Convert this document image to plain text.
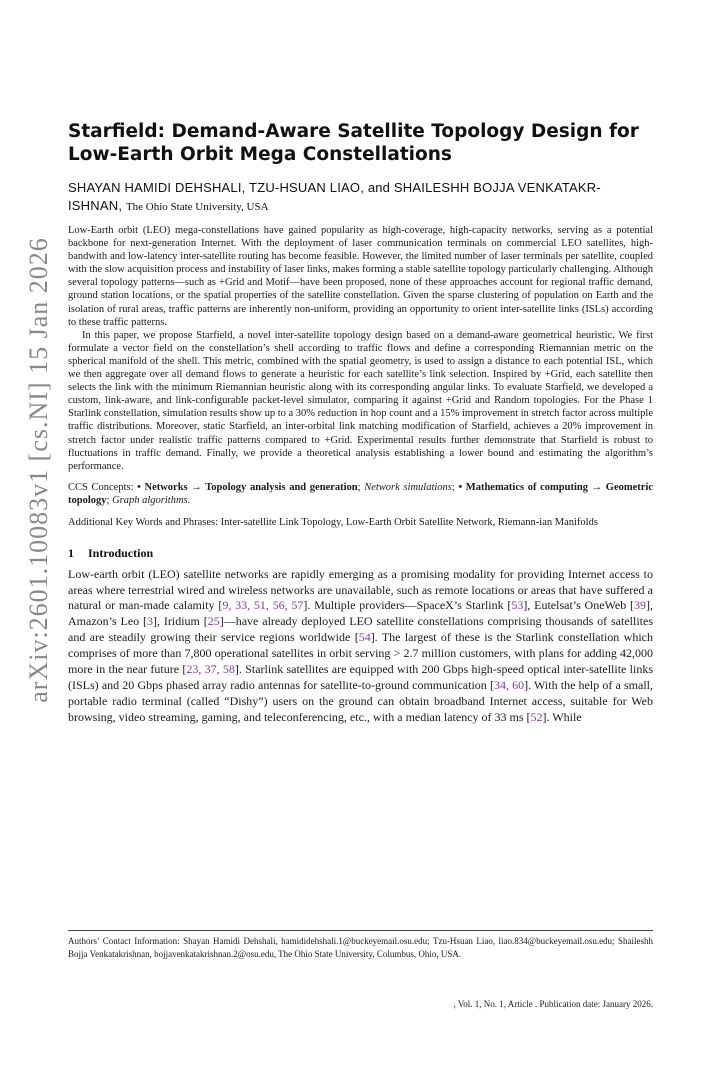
arXiv:2601.10083v1 [cs.NI] 15 Jan 2026
Starfield: Demand-Aware Satellite Topology Design for Low-Earth Orbit Mega Constellations

SHAYAN HAMIDI DEHSHALI, TZU-HSUAN LIAO, and SHAILESHH BOJJA VENKATAKR-ISHNAN, The Ohio State University, USA

Low-Earth orbit (LEO) mega-constellations have gained popularity as high-coverage, high-capacity networks, serving as a potential backbone for next-generation Internet. With the deployment of laser communication terminals on commercial LEO satellites, high-bandwith and low-latency inter-satellite routing has become feasible. However, the limited number of laser terminals per satellite, coupled with the slow acquisition process and instability of laser links, makes forming a stable satellite topology particularly challenging. Although several topology patterns—such as +Grid and Motif—have been proposed, none of these approaches account for regional traffic demand, ground station locations, or the spatial properties of the satellite constellation. Given the sparse clustering of population on Earth and the isolation of rural areas, traffic patterns are inherently non-uniform, providing an opportunity to orient inter-satellite links (ISLs) according to these traffic patterns.

In this paper, we propose Starfield, a novel inter-satellite topology design based on a demand-aware geometrical heuristic. We first formulate a vector field on the constellation’s shell according to traffic flows and define a corresponding Riemannian metric on the spherical manifold of the shell. This metric, combined with the spatial geometry, is used to assign a distance to each potential ISL, which we then aggregate over all demand flows to generate a heuristic for each satellite’s link selection. Inspired by +Grid, each satellite then selects the link with the minimum Riemannian heuristic along with its corresponding angular links. To evaluate Starfield, we developed a custom, link-aware, and link-configurable packet-level simulator, comparing it against +Grid and Random topologies. For the Phase 1 Starlink constellation, simulation results show up to a 30% reduction in hop count and a 15% improvement in stretch factor across multiple traffic distributions. Moreover, static Starfield, an inter-orbital link matching modification of Starfield, achieves a 20% improvement in stretch factor under realistic traffic patterns compared to +Grid. Experimental results further demonstrate that Starfield is robust to fluctuations in traffic demand. Finally, we provide a theoretical analysis establishing a lower bound and estimating the algorithm’s performance.

CCS Concepts: • Networks → Topology analysis and generation; Network simulations; • Mathematics of computing → Geometric topology; Graph algorithms.

Additional Key Words and Phrases: Inter-satellite Link Topology, Low-Earth Orbit Satellite Network, Riemann-ian Manifolds

1 Introduction

Low-earth orbit (LEO) satellite networks are rapidly emerging as a promising modality for providing Internet access to areas where terrestrial wired and wireless networks are unavailable, such as remote locations or areas that have suffered a natural or man-made calamity [9, 33, 51, 56, 57]. Multiple providers—SpaceX’s Starlink [53], Eutelsat’s OneWeb [39], Amazon’s Leo [3], Iridium [25]—have already deployed LEO satellite constellations comprising thousands of satellites and are steadily growing their service regions worldwide [54]. The largest of these is the Starlink constellation which comprises of more than 7,800 operational satellites in orbit serving > 2.7 million customers, with plans for adding 42,000 more in the near future [23, 37, 58]. Starlink satellites are equipped with 200 Gbps high-speed optical inter-satellite links (ISLs) and 20 Gbps phased array radio antennas for satellite-to-ground communication [34, 60]. With the help of a small, portable radio terminal (called “Dishy”) users on the ground can obtain broadband Internet access, suitable for Web browsing, video streaming, gaming, and teleconferencing, etc., with a median latency of 33 ms [52]. While

Authors’ Contact Information: Shayan Hamidi Dehshali, hamididehshali.1@buckeyemail.osu.edu; Tzu-Hsuan Liao, liao.834@buckeyemail.osu.edu; Shaileshh Bojja Venkatakrishnan, bojjavenkatakrishnan.2@osu.edu, The Ohio State University, Columbus, Ohio, USA.

, Vol. 1, No. 1, Article . Publication date: January 2026.
